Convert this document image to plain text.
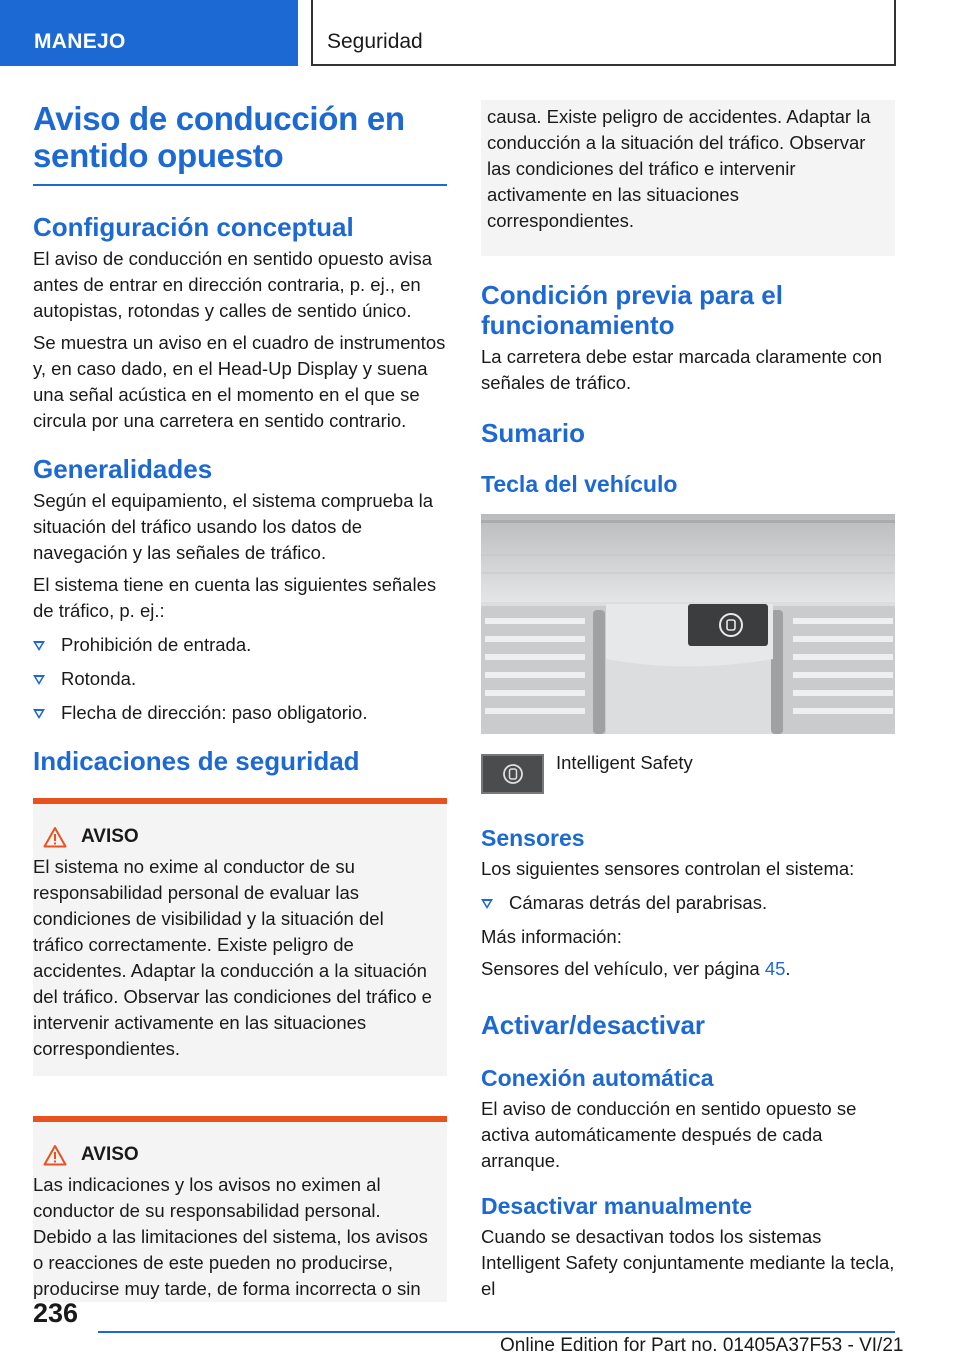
MANEJO	Seguridad
Aviso de conducción en sentido opuesto
Configuración conceptual

El aviso de conducción en sentido opuesto avisa antes de entrar en dirección contraria, p. ej., en autopistas, rotondas y calles de sentido único.

Se muestra un aviso en el cuadro de instrumentos y, en caso dado, en el Head-Up Display y suena una señal acústica en el momento en el que se circula por una carretera en sentido contrario.

Generalidades

Según el equipamiento, el sistema comprueba la situación del tráfico usando los datos de navegación y las señales de tráfico.

El sistema tiene en cuenta las siguientes señales de tráfico, p. ej.:

Prohibición de entrada.
Rotonda.
Flecha de dirección: paso obligatorio.
Indicaciones de seguridad
AVISO

El sistema no exime al conductor de su responsabilidad personal de evaluar las condiciones de visibilidad y la situación del tráfico correctamente. Existe peligro de accidentes. Adaptar la conducción a la situación del tráfico. Observar las condiciones del tráfico e intervenir activamente en las situaciones correspondientes.

AVISO

Las indicaciones y los avisos no eximen al conductor de su responsabilidad personal. Debido a las limitaciones del sistema, los avisos o reacciones de este pueden no producirse, producirse muy tarde, de forma incorrecta o sin

causa. Existe peligro de accidentes. Adaptar la conducción a la situación del tráfico. Observar las condiciones del tráfico e intervenir activamente en las situaciones correspondientes.

Condición previa para el funcionamiento

La carretera debe estar marcada claramente con señales de tráfico.

Sumario
Tecla del vehículo

Intelligent Safety

Sensores

Los siguientes sensores controlan el sistema:

Cámaras detrás del parabrisas.

Más información:

Sensores del vehículo, ver página 45.

Activar/desactivar
Conexión automática

El aviso de conducción en sentido opuesto se activa automáticamente después de cada arranque.

Desactivar manualmente

Cuando se desactivan todos los sistemas Intelligent Safety conjuntamente mediante la tecla, el

236
Online Edition for Part no. 01405A37F53 - VI/21
